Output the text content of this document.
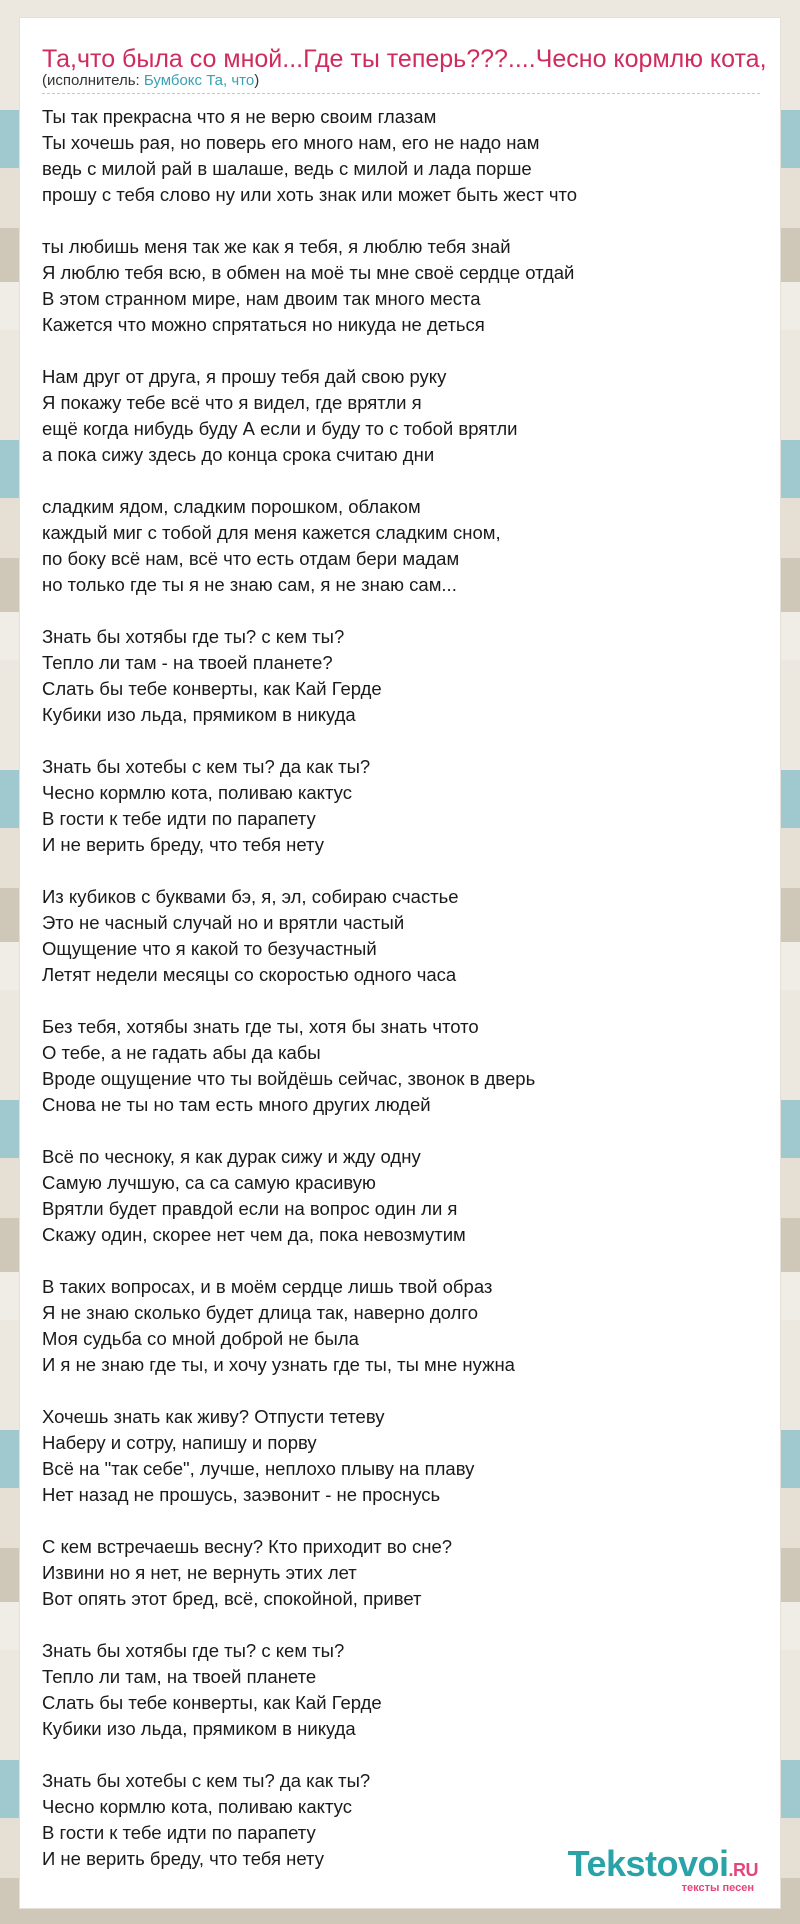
Та,что была со мной...Где ты теперь???....Чесно кормлю кота,
(исполнитель: Бумбокс Та, что)
Ты так прекрасна что я не верю своим глазам
Ты хочешь рая, но поверь его много нам, его не надо нам
ведь с милой рай в шалаше, ведь с милой и лада порше
прошу с тебя слово ну или хоть знак или может быть жест что
ты любишь меня так же как я тебя, я люблю тебя знай
Я люблю тебя всю, в обмен на моё ты мне своё сердце отдай
В этом странном мире, нам двоим так много места
Кажется что можно спрятаться но никуда не деться
Нам друг от друга, я прошу тебя дай свою руку
Я покажу тебе всё что я видел, где врятли я
ещё когда нибудь буду А если и буду то с тобой врятли
а пока сижу здесь до конца срока считаю дни
сладким ядом, сладким порошком, облаком
каждый миг с тобой для меня кажется сладким сном,
по боку всё нам, всё что есть отдам бери мадам
но только где ты я не знаю сам, я не знаю сам...
Знать бы хотябы где ты? с кем ты?
Тепло ли там - на твоей планете?
Слать бы тебе конверты, как Кай Герде
Кубики изо льда, прямиком в никуда
Знать бы хотебы с кем ты? да как ты?
Чесно кормлю кота, поливаю кактус
В гости к тебе идти по парапету
И не верить бреду, что тебя нету
Из кубиков с буквами бэ, я, эл, собираю счастье
Это не часный случай но и врятли частый
Ощущение что я какой то безучастный
Летят недели месяцы со скоростью одного часа
Без тебя, хотябы знать где ты, хотя бы знать чтото
О тебе, а не гадать абы да кабы
Вроде ощущение что ты войдёшь сейчас, звонок в дверь
Снова не ты но там есть много других людей
Всё по чесноку, я как дурак сижу и жду одну
Самую лучшую, са са самую красивую
Врятли будет правдой если на вопрос один ли я
Скажу один, скорее нет чем да, пока невозмутим
В таких вопросах, и в моём сердце лишь твой образ
Я не знаю сколько будет длица так, наверно долго
Моя судьба со мной доброй не была
И я не знаю где ты, и хочу узнать где ты, ты мне нужна
Хочешь знать как живу? Отпусти тетеву
Наберу и сотру, напишу и порву
Всё на "так себе", лучше, неплохо плыву на плаву
Нет назад не прошусь, заэвонит - не проснусь
С кем встречаешь весну? Кто приходит во сне?
Извини но я нет, не вернуть этих лет
Вот опять этот бред, всё, спокойной, привет
Знать бы хотябы где ты? с кем ты?
Тепло ли там, на твоей планете
Слать бы тебе конверты, как Кай Герде
Кубики изо льда, прямиком в никуда
Знать бы хотебы с кем ты? да как ты?
Чесно кормлю кота, поливаю кактус
В гости к тебе идти по парапету
И не верить бреду, что тебя нету	Tekstovoi.RU
тексты песен
